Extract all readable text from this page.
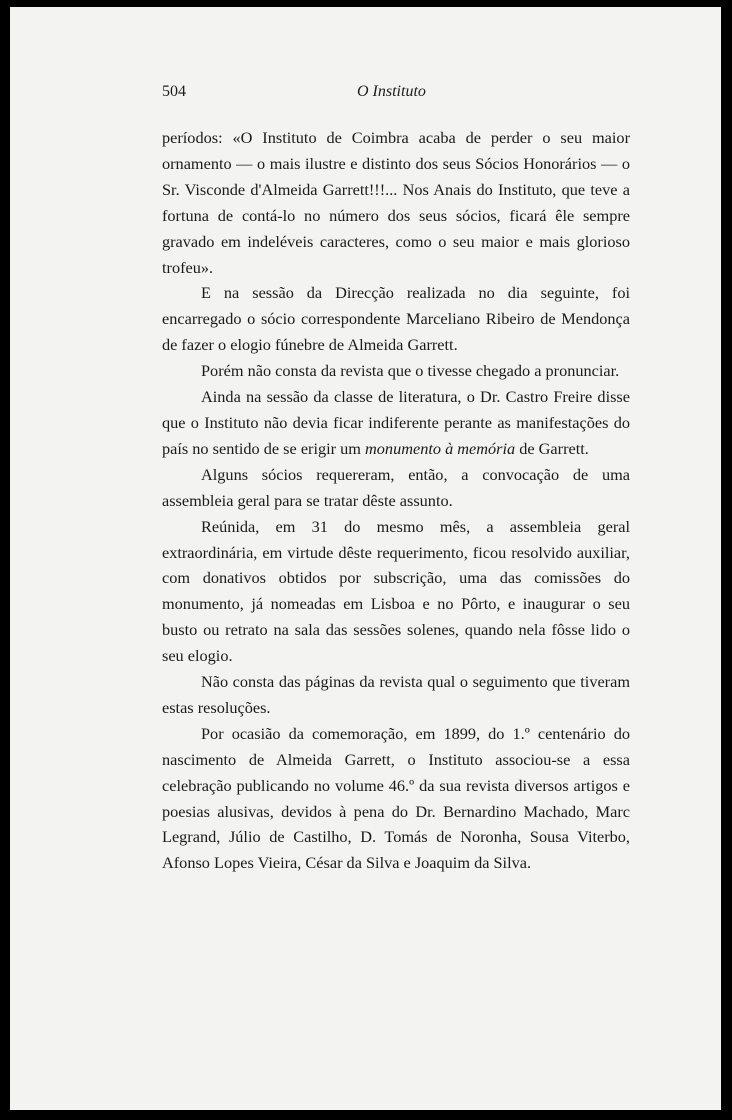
504	O Instituto

períodos: «O Instituto de Coimbra acaba de perder o seu maior ornamento — o mais ilustre e distinto dos seus Sócios Honorários — o Sr. Visconde d'Almeida Garrett!!!... Nos Anais do Instituto, que teve a fortuna de contá-lo no número dos seus sócios, ficará êle sempre gravado em indeléveis caracteres, como o seu maior e mais glorioso trofeu».

E na sessão da Direcção realizada no dia seguinte, foi encarregado o sócio correspondente Marceliano Ribeiro de Mendonça de fazer o elogio fúnebre de Almeida Garrett.

Porém não consta da revista que o tivesse chegado a pronunciar.

Ainda na sessão da classe de literatura, o Dr. Castro Freire disse que o Instituto não devia ficar indiferente perante as manifestações do país no sentido de se erigir um monumento à memória de Garrett.

Alguns sócios requereram, então, a convocação de uma assembleia geral para se tratar dêste assunto.

Reúnida, em 31 do mesmo mês, a assembleia geral extraordinária, em virtude dêste requerimento, ficou resolvido auxiliar, com donativos obtidos por subscrição, uma das comissões do monumento, já nomeadas em Lisboa e no Pôrto, e inaugurar o seu busto ou retrato na sala das sessões solenes, quando nela fôsse lido o seu elogio.

Não consta das páginas da revista qual o seguimento que tiveram estas resoluções.

Por ocasião da comemoração, em 1899, do 1.º centenário do nascimento de Almeida Garrett, o Instituto associou-se a essa celebração publicando no volume 46.º da sua revista diversos artigos e poesias alusivas, devidos à pena do Dr. Bernardino Machado, Marc Legrand, Júlio de Castilho, D. Tomás de Noronha, Sousa Viterbo, Afonso Lopes Vieira, César da Silva e Joaquim da Silva.
